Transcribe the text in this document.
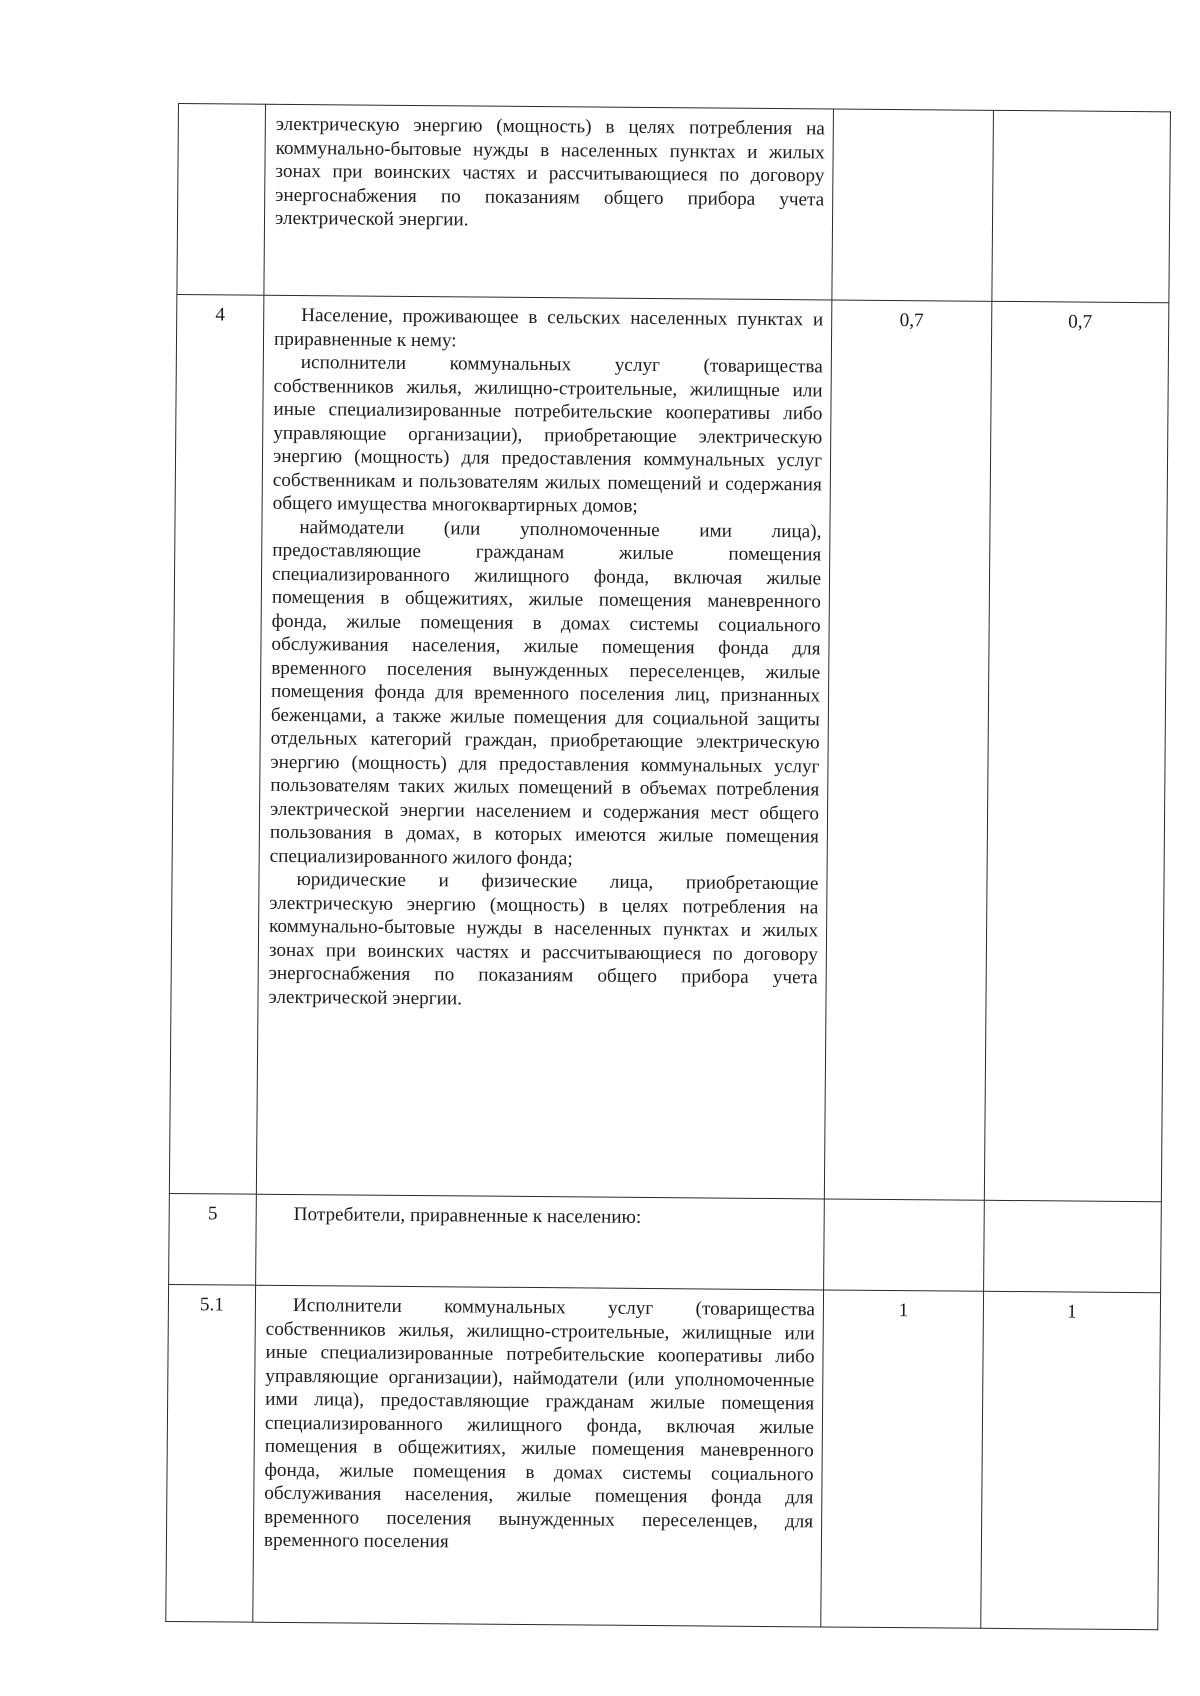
	электрическую энергию (мощность) в целях потребления на коммунально-бытовые нужды в населенных пунктах и жилых зонах при воинских частях и рассчитывающиеся по договору энергоснабжения по показаниям общего прибора учета электрической энергии.		

4	Население, проживающее в сельских населенных пунктах и приравненные к нему:

исполнители коммунальных услуг (товарищества собственников жилья, жилищно-строительные, жилищные или иные специализированные потребительские кооперативы либо управляющие организации), приобретающие электрическую энергию (мощность) для предоставления коммунальных услуг собственникам и пользователям жилых помещений и содержания общего имущества многоквартирных домов;

наймодатели (или уполномоченные ими лица), предоставляющие гражданам жилые помещения специализированного жилищного фонда, включая жилые помещения в общежитиях, жилые помещения маневренного фонда, жилые помещения в домах системы социального обслуживания населения, жилые помещения фонда для временного поселения вынужденных переселенцев, жилые помещения фонда для временного поселения лиц, признанных беженцами, а также жилые помещения для социальной защиты отдельных категорий граждан, приобретающие электрическую энергию (мощность) для предоставления коммунальных услуг пользователям таких жилых помещений в объемах потребления электрической энергии населением и содержания мест общего пользования в домах, в которых имеются жилые помещения специализированного жилого фонда;

юридические и физические лица, приобретающие электрическую энергию (мощность) в целях потребления на коммунально-бытовые нужды в населенных пунктах и жилых зонах при воинских частях и рассчитывающиеся по договору энергоснабжения по показаниям общего прибора учета электрической энергии.	0,7	0,7
5	Потребители, приравненные к населению:		

5.1	Исполнители коммунальных услуг (товарищества собственников жилья, жилищно-строительные, жилищные или иные специализированные потребительские кооперативы либо управляющие организации), наймодатели (или уполномоченные ими лица), предоставляющие гражданам жилые помещения специализированного жилищного фонда, включая жилые помещения в общежитиях, жилые помещения маневренного фонда, жилые помещения в домах системы социального обслуживания населения, жилые помещения фонда для временного поселения вынужденных переселенцев, для временного поселения	1	1
